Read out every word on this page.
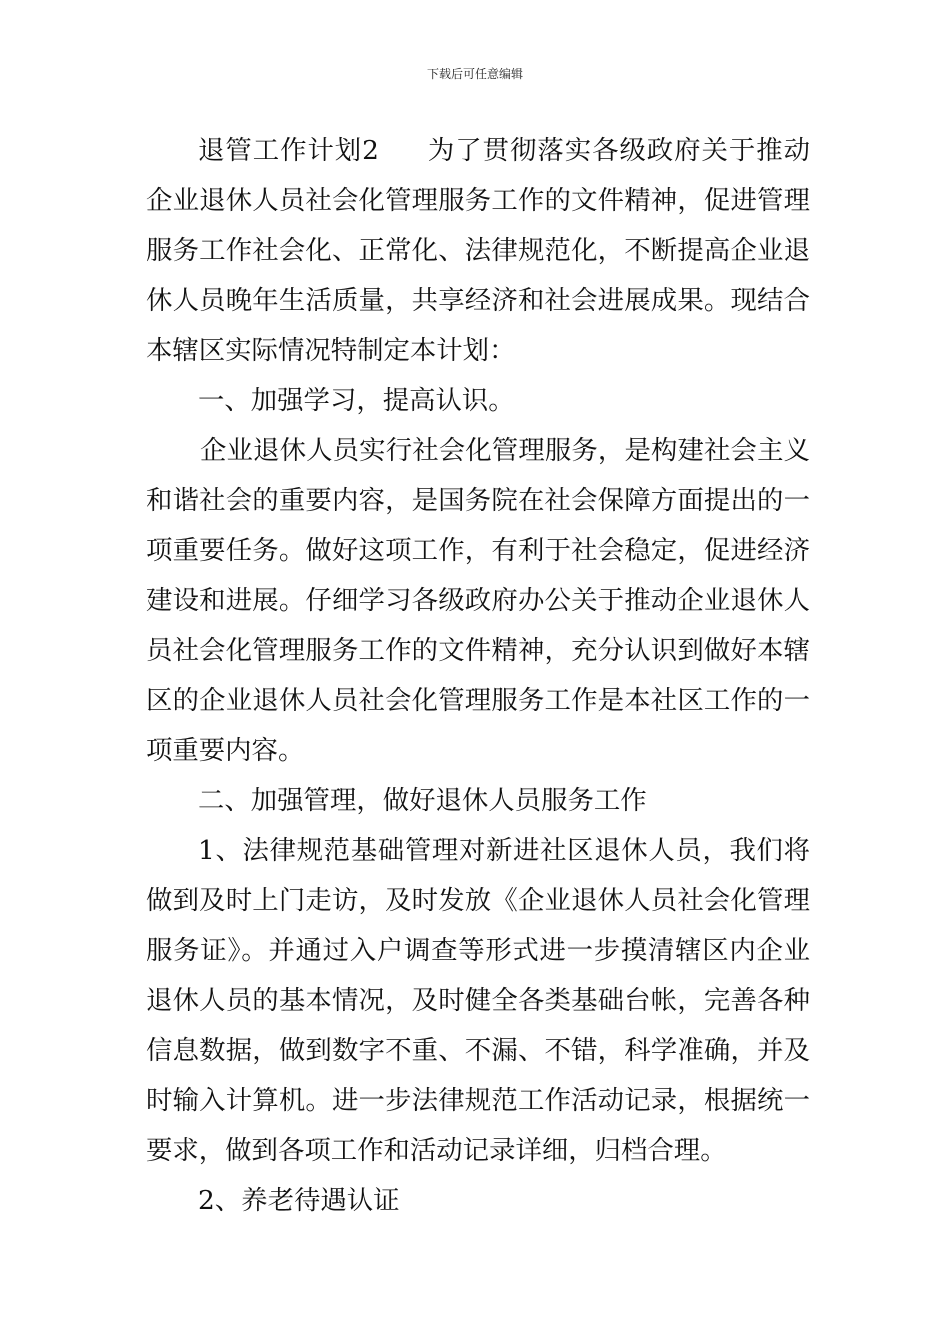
下载后可任意编辑

退管工作计划2 为了贯彻落实各级政府关于推动企业退休人员社会化管理服务工作的文件精神，促进管理服务工作社会化、正常化、法律规范化，不断提高企业退休人员晚年生活质量，共享经济和社会进展成果。现结合本辖区实际情况特制定本计划：

一、加强学习，提高认识。

企业退休人员实行社会化管理服务，是构建社会主义和谐社会的重要内容，是国务院在社会保障方面提出的一项重要任务。做好这项工作，有利于社会稳定，促进经济建设和进展。仔细学习各级政府办公关于推动企业退休人员社会化管理服务工作的文件精神，充分认识到做好本辖区的企业退休人员社会化管理服务工作是本社区工作的一项重要内容。

二、加强管理，做好退休人员服务工作

1、法律规范基础管理对新进社区退休人员，我们将做到及时上门走访，及时发放《企业退休人员社会化管理服务证》。并通过入户调查等形式进一步摸清辖区内企业退休人员的基本情况，及时健全各类基础台帐，完善各种信息数据，做到数字不重、不漏、不错，科学准确，并及时输入计算机。进一步法律规范工作活动记录，根据统一要求，做到各项工作和活动记录详细，归档合理。

2、养老待遇认证
